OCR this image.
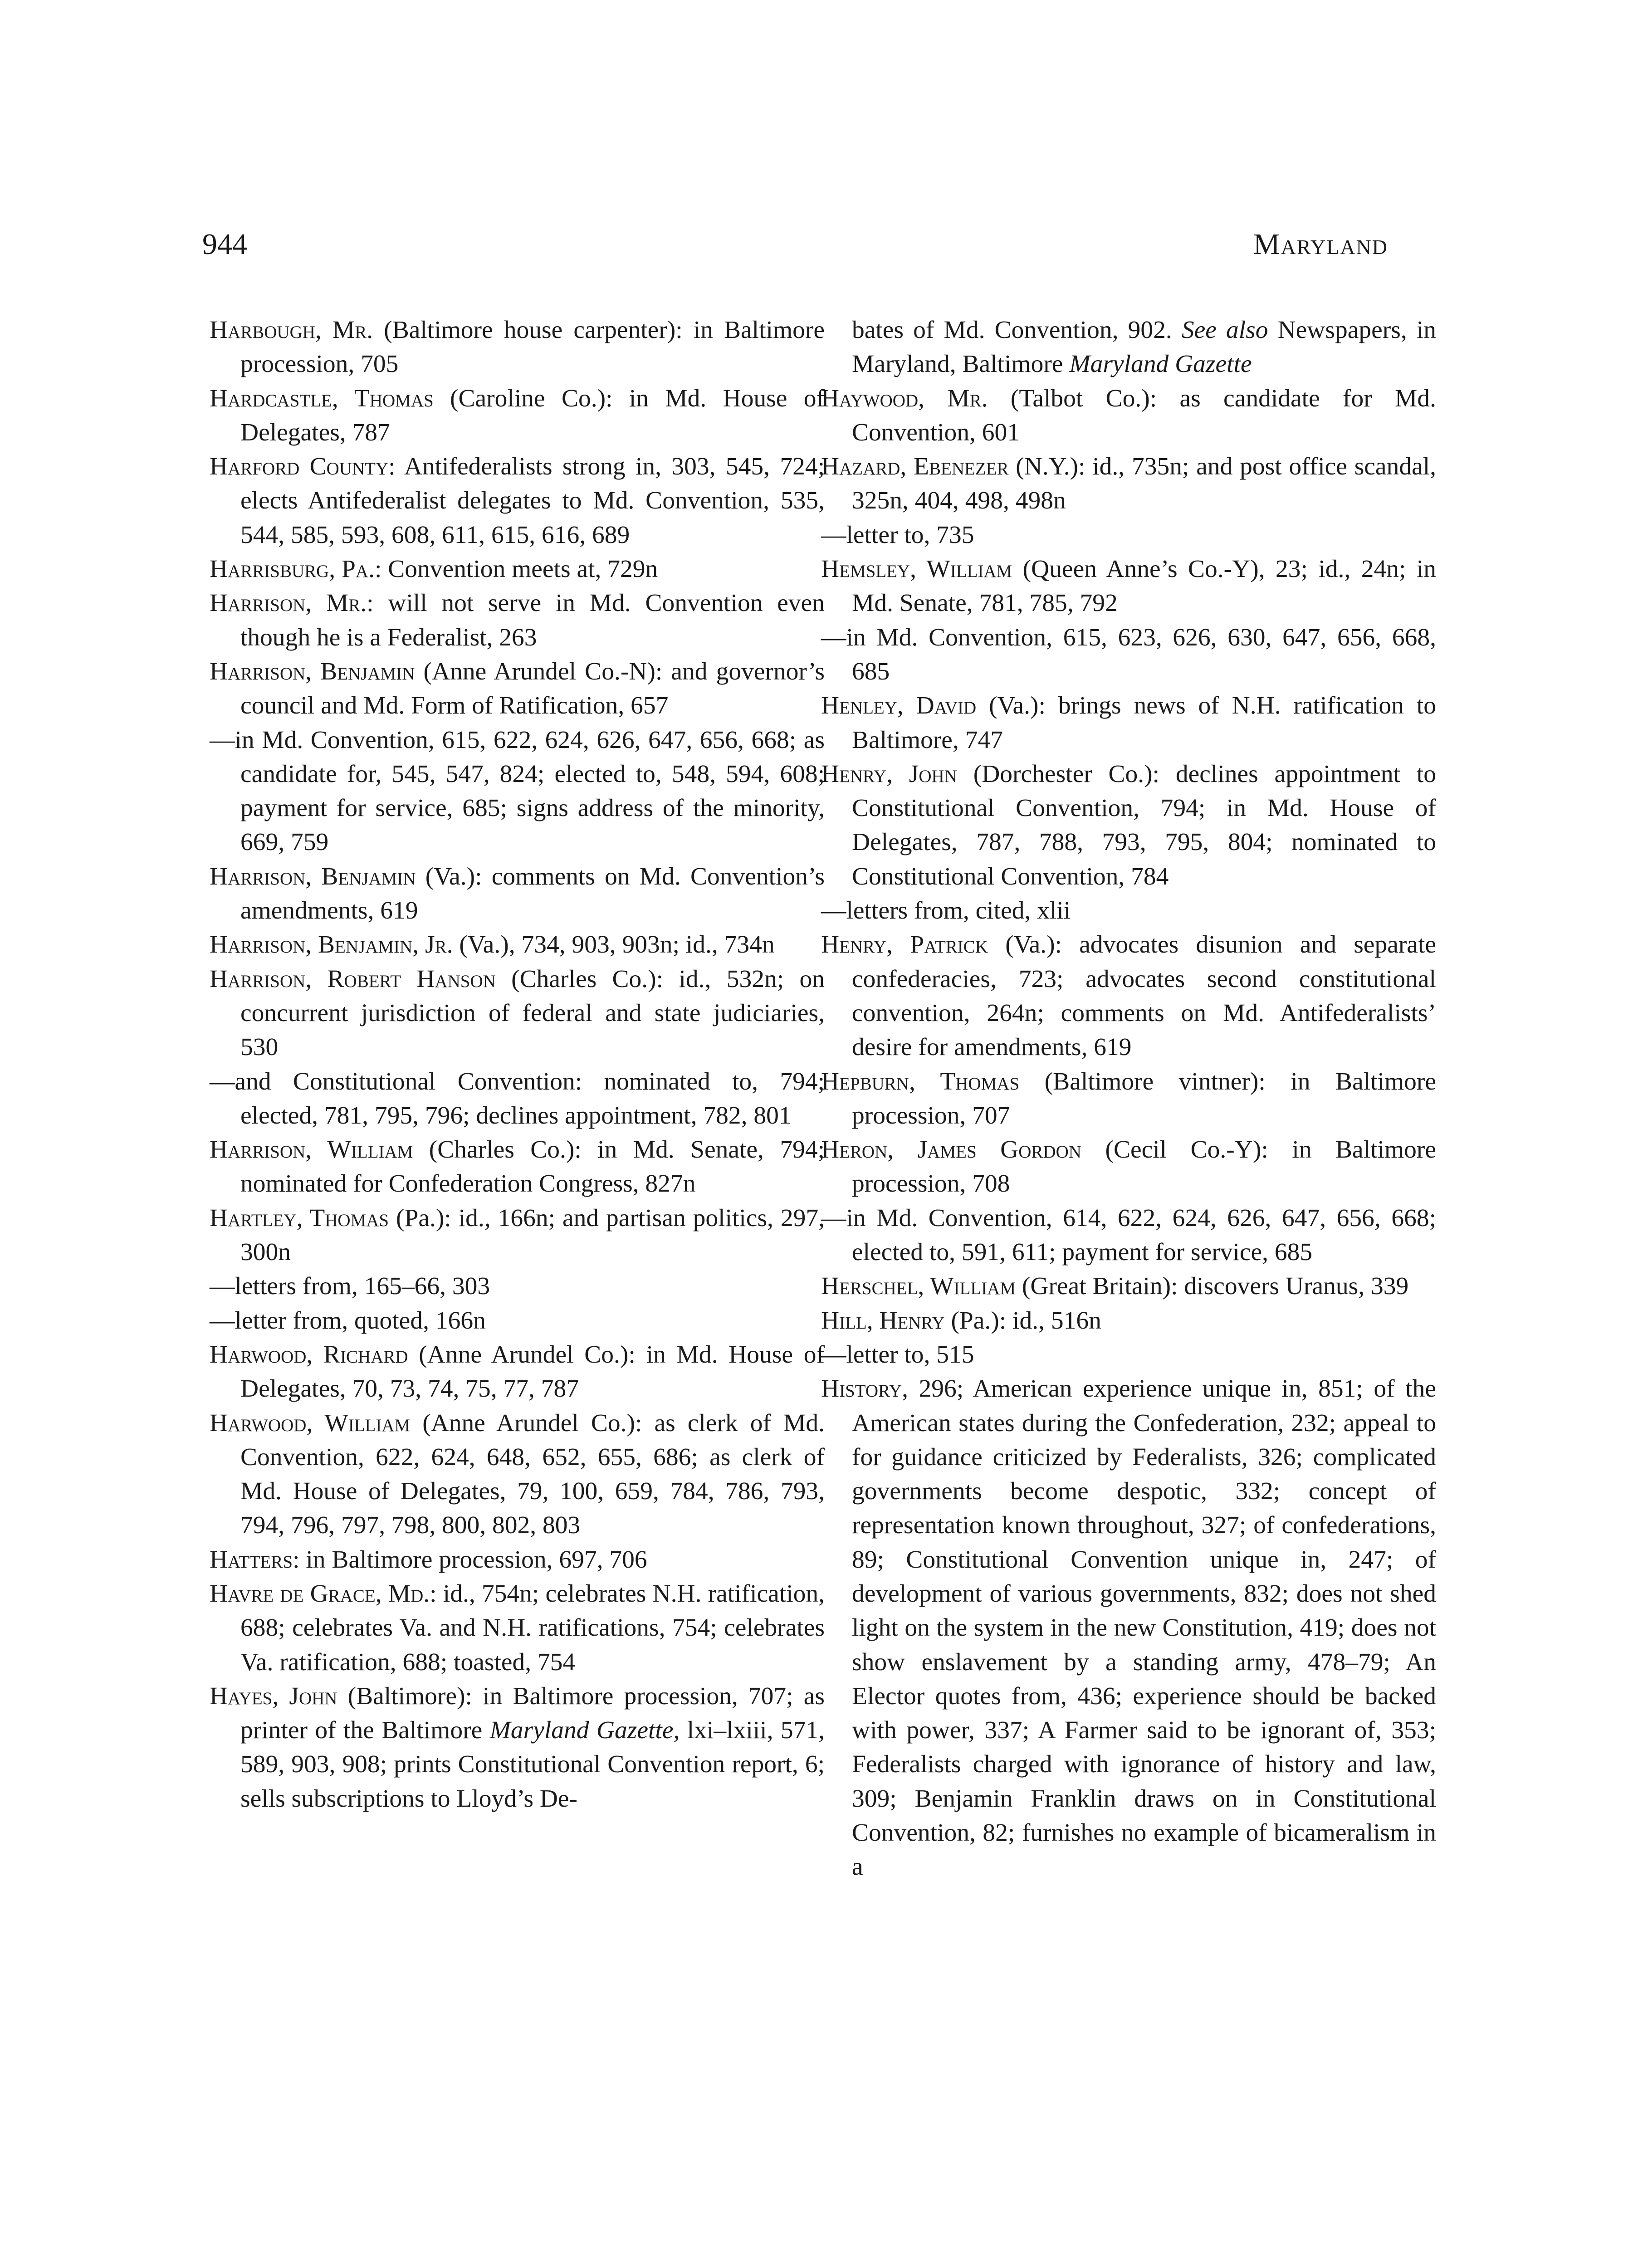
944	Maryland
Harbough, Mr. (Baltimore house carpenter): in Baltimore procession, 705
Hardcastle, Thomas (Caroline Co.): in Md. House of Delegates, 787
Harford County: Antifederalists strong in, 303, 545, 724; elects Antifederalist delegates to Md. Convention, 535, 544, 585, 593, 608, 611, 615, 616, 689
Harrisburg, Pa.: Convention meets at, 729n
Harrison, Mr.: will not serve in Md. Convention even though he is a Federalist, 263
Harrison, Benjamin (Anne Arundel Co.-N): and governor’s council and Md. Form of Ratification, 657
—in Md. Convention, 615, 622, 624, 626, 647, 656, 668; as candidate for, 545, 547, 824; elected to, 548, 594, 608; payment for service, 685; signs address of the minority, 669, 759
Harrison, Benjamin (Va.): comments on Md. Convention’s amendments, 619
Harrison, Benjamin, Jr. (Va.), 734, 903, 903n; id., 734n
Harrison, Robert Hanson (Charles Co.): id., 532n; on concurrent jurisdiction of federal and state judiciaries, 530
—and Constitutional Convention: nominated to, 794; elected, 781, 795, 796; declines appointment, 782, 801
Harrison, William (Charles Co.): in Md. Senate, 794; nominated for Confederation Congress, 827n
Hartley, Thomas (Pa.): id., 166n; and partisan politics, 297, 300n
—letters from, 165–66, 303
—letter from, quoted, 166n
Harwood, Richard (Anne Arundel Co.): in Md. House of Delegates, 70, 73, 74, 75, 77, 787
Harwood, William (Anne Arundel Co.): as clerk of Md. Convention, 622, 624, 648, 652, 655, 686; as clerk of Md. House of Delegates, 79, 100, 659, 784, 786, 793, 794, 796, 797, 798, 800, 802, 803
Hatters: in Baltimore procession, 697, 706
Havre de Grace, Md.: id., 754n; celebrates N.H. ratification, 688; celebrates Va. and N.H. ratifications, 754; celebrates Va. ratification, 688; toasted, 754
Hayes, John (Baltimore): in Baltimore procession, 707; as printer of the Baltimore Maryland Gazette, lxi–lxiii, 571, 589, 903, 908; prints Constitutional Convention report, 6; sells subscriptions to Lloyd’s De-
bates of Md. Convention, 902. See also Newspapers, in Maryland, Baltimore Maryland Gazette
Haywood, Mr. (Talbot Co.): as candidate for Md. Convention, 601
Hazard, Ebenezer (N.Y.): id., 735n; and post office scandal, 325n, 404, 498, 498n
—letter to, 735
Hemsley, William (Queen Anne’s Co.-Y), 23; id., 24n; in Md. Senate, 781, 785, 792
—in Md. Convention, 615, 623, 626, 630, 647, 656, 668, 685
Henley, David (Va.): brings news of N.H. ratification to Baltimore, 747
Henry, John (Dorchester Co.): declines appointment to Constitutional Convention, 794; in Md. House of Delegates, 787, 788, 793, 795, 804; nominated to Constitutional Convention, 784
—letters from, cited, xlii
Henry, Patrick (Va.): advocates disunion and separate confederacies, 723; advocates second constitutional convention, 264n; comments on Md. Antifederalists’ desire for amendments, 619
Hepburn, Thomas (Baltimore vintner): in Baltimore procession, 707
Heron, James Gordon (Cecil Co.-Y): in Baltimore procession, 708
—in Md. Convention, 614, 622, 624, 626, 647, 656, 668; elected to, 591, 611; payment for service, 685
Herschel, William (Great Britain): discovers Uranus, 339
Hill, Henry (Pa.): id., 516n
—letter to, 515
History, 296; American experience unique in, 851; of the American states during the Confederation, 232; appeal to for guidance criticized by Federalists, 326; complicated governments become despotic, 332; concept of representation known throughout, 327; of confederations, 89; Constitutional Convention unique in, 247; of development of various governments, 832; does not shed light on the system in the new Constitution, 419; does not show enslavement by a standing army, 478–79; An Elector quotes from, 436; experience should be backed with power, 337; A Farmer said to be ignorant of, 353; Federalists charged with ignorance of history and law, 309; Benjamin Franklin draws on in Constitutional Convention, 82; furnishes no example of bicameralism in a
